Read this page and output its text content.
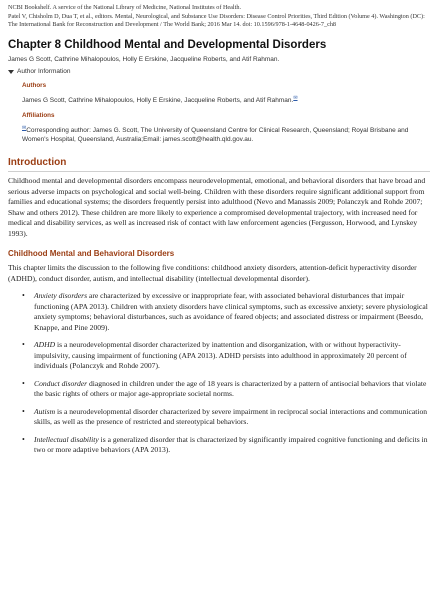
NCBI Bookshelf. A service of the National Library of Medicine, National Institutes of Health.

Patel V, Chisholm D, Dua T, et al., editors. Mental, Neurological, and Substance Use Disorders: Disease Control Priorities, Third Edition (Volume 4). Washington (DC): The International Bank for Reconstruction and Development / The World Bank; 2016 Mar 14. doi: 10.1596/978-1-4648-0426-7_ch8

Chapter 8 Childhood Mental and Developmental Disorders

James G Scott, Cathrine Mihalopoulos, Holly E Erskine, Jacqueline Roberts, and Atif Rahman.

Author Information

Authors

James G Scott, Cathrine Mihalopoulos, Holly E Erskine, Jacqueline Roberts, and Atif Rahman.✉

Affiliations

✉Corresponding author: James G. Scott, The University of Queensland Centre for Clinical Research, Queensland; Royal Brisbane and Women's Hospital, Queensland, Australia;Email: james.scott@health.qld.gov.au.

Introduction

Childhood mental and developmental disorders encompass neurodevelopmental, emotional, and behavioral disorders that have broad and serious adverse impacts on psychological and social well-being. Children with these disorders require significant additional support from families and educational systems; the disorders frequently persist into adulthood (Nevo and Manassis 2009; Polanczyk and Rohde 2007; Shaw and others 2012). These children are more likely to experience a compromised developmental trajectory, with increased need for medical and disability services, as well as increased risk of contact with law enforcement agencies (Fergusson, Horwood, and Lynskey 1993).

Childhood Mental and Behavioral Disorders

This chapter limits the discussion to the following five conditions: childhood anxiety disorders, attention-deficit hyperactivity disorder (ADHD), conduct disorder, autism, and intellectual disability (intellectual developmental disorder).

• Anxiety disorders are characterized by excessive or inappropriate fear, with associated behavioral disturbances that impair functioning (APA 2013). Children with anxiety disorders have clinical symptoms, such as excessive anxiety; severe physiological anxiety symptoms; behavioral disturbances, such as avoidance of feared objects; and associated distress or impairment (Beesdo, Knappe, and Pine 2009).
• ADHD is a neurodevelopmental disorder characterized by inattention and disorganization, with or without hyperactivity-impulsivity, causing impairment of functioning (APA 2013). ADHD persists into adulthood in approximately 20 percent of individuals (Polanczyk and Rohde 2007).
• Conduct disorder diagnosed in children under the age of 18 years is characterized by a pattern of antisocial behaviors that violate the basic rights of others or major age-appropriate societal norms.
• Autism is a neurodevelopmental disorder characterized by severe impairment in reciprocal social interactions and communication skills, as well as the presence of restricted and stereotypical behaviors.
• Intellectual disability is a generalized disorder that is characterized by significantly impaired cognitive functioning and deficits in two or more adaptive behaviors (APA 2013).
